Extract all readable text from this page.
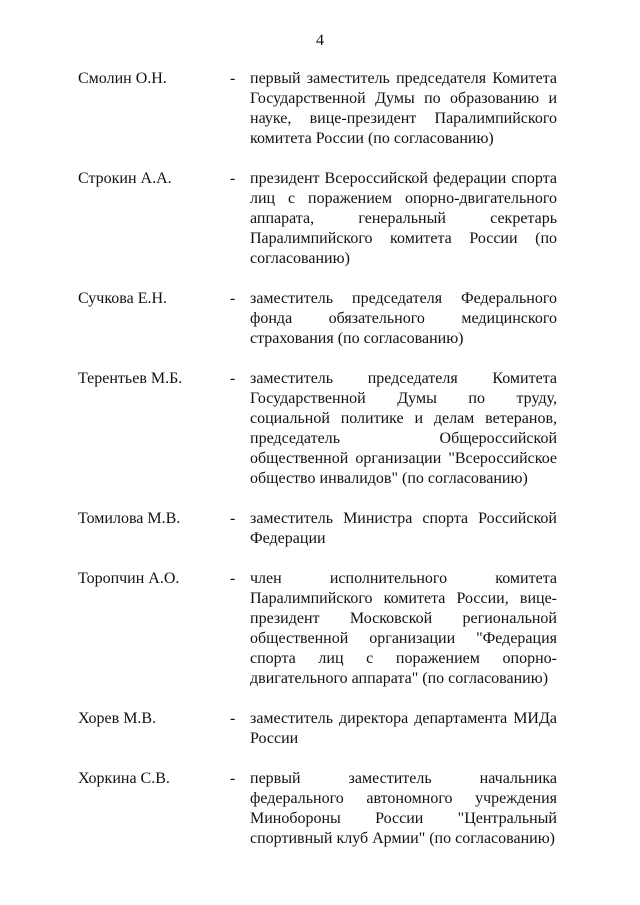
4
Смолин О.Н.	- первый заместитель председателя Комитета Государственной Думы по образованию и науке, вице-президент Паралимпийского комитета России (по согласованию)
Строкин А.А.	- президент Всероссийской федерации спорта лиц с поражением опорно-двигательного аппарата, генеральный секретарь Паралимпийского комитета России (по согласованию)
Сучкова Е.Н.	- заместитель председателя Федерального фонда обязательного медицинского страхования (по согласованию)
Терентьев М.Б.	- заместитель председателя Комитета Государственной Думы по труду, социальной политике и делам ветеранов, председатель Общероссийской общественной организации "Всероссийское общество инвалидов" (по согласованию)
Томилова М.В.	- заместитель Министра спорта Российской Федерации
Торопчин А.О.	- член исполнительного комитета Паралимпийского комитета России, вице-президент Московской региональной общественной организации "Федерация спорта лиц с поражением опорно-двигательного аппарата" (по согласованию)
Хорев М.В.	- заместитель директора департамента МИДа России
Хоркина С.В.	- первый заместитель начальника федерального автономного учреждения Минобороны России "Центральный спортивный клуб Армии" (по согласованию)
